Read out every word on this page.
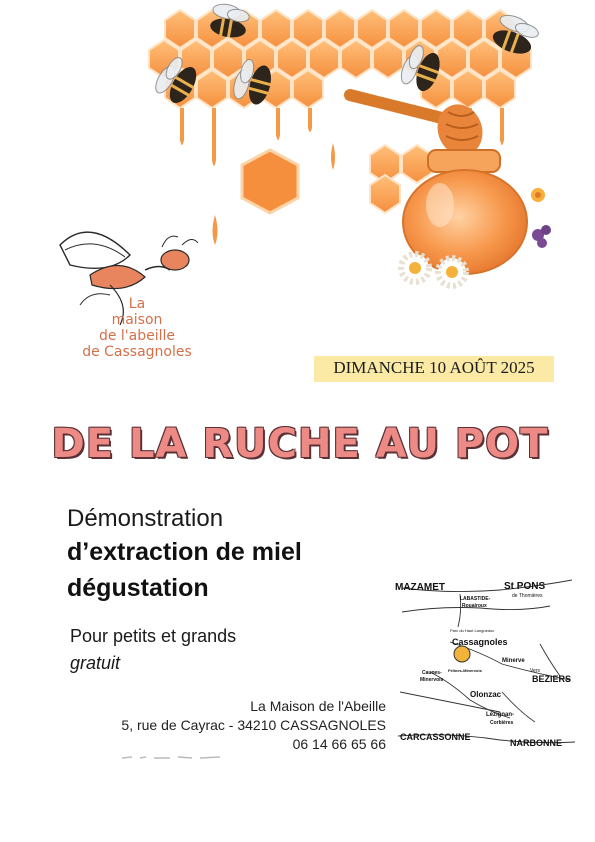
La
maison
de l'abeille
de Cassagnoles
DIMANCHE 10 AOÛT 2025
DE LA RUCHE AU POT
Démonstration
d’extraction de miel
dégustation
Pour petits et grands
gratuit
La Maison de l'Abeille
5, rue de Cayrac - 34210 CASSAGNOLES
06 14 66 65 66
MAZAMET	St PONS
de Thomières
LABASTIDE-
Rouairoux
Parc du Haut Languedoc
Cassagnoles
Félines-Minervois
Minerve
Caunes-
Minervois
Vers
BEZIERS
Olonzac
Lézignan-
Corbières
CARCASSONNE
NARBONNE
